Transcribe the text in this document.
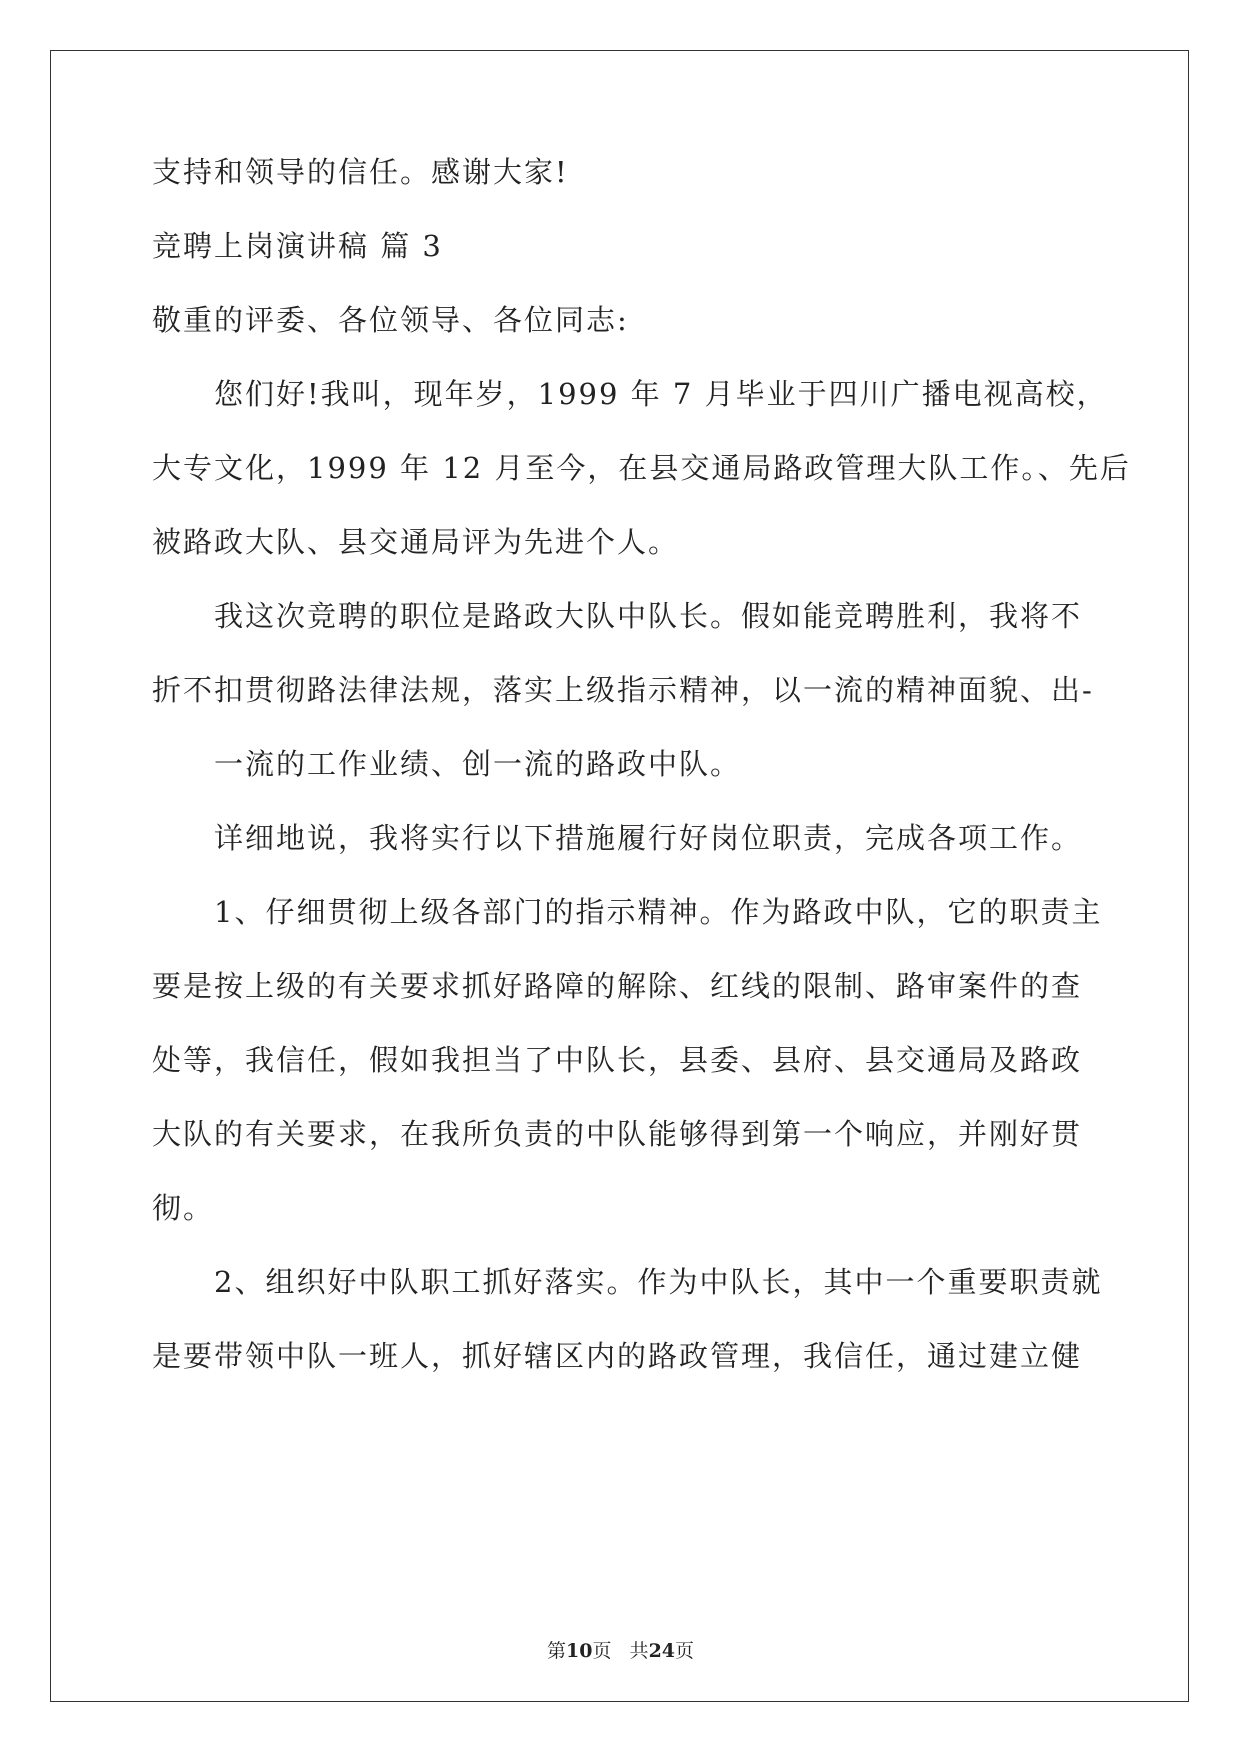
支持和领导的信任。感谢大家!
竞聘上岗演讲稿 篇 3
敬重的评委、各位领导、各位同志:
您们好!我叫，现年岁，1999 年 7 月毕业于四川广播电视高校，
大专文化，1999 年 12 月至今，在县交通局路政管理大队工作。、先后
被路政大队、县交通局评为先进个人。
我这次竞聘的职位是路政大队中队长。假如能竞聘胜利，我将不
折不扣贯彻路法律法规，落实上级指示精神，以一流的精神面貌、出-
一流的工作业绩、创一流的路政中队。
详细地说，我将实行以下措施履行好岗位职责，完成各项工作。
1、仔细贯彻上级各部门的指示精神。作为路政中队，它的职责主
要是按上级的有关要求抓好路障的解除、红线的限制、路审案件的查
处等，我信任，假如我担当了中队长，县委、县府、县交通局及路政
大队的有关要求，在我所负责的中队能够得到第一个响应，并刚好贯
彻。
2、组织好中队职工抓好落实。作为中队长，其中一个重要职责就
是要带领中队一班人，抓好辖区内的路政管理，我信任，通过建立健
第10页   共24页
